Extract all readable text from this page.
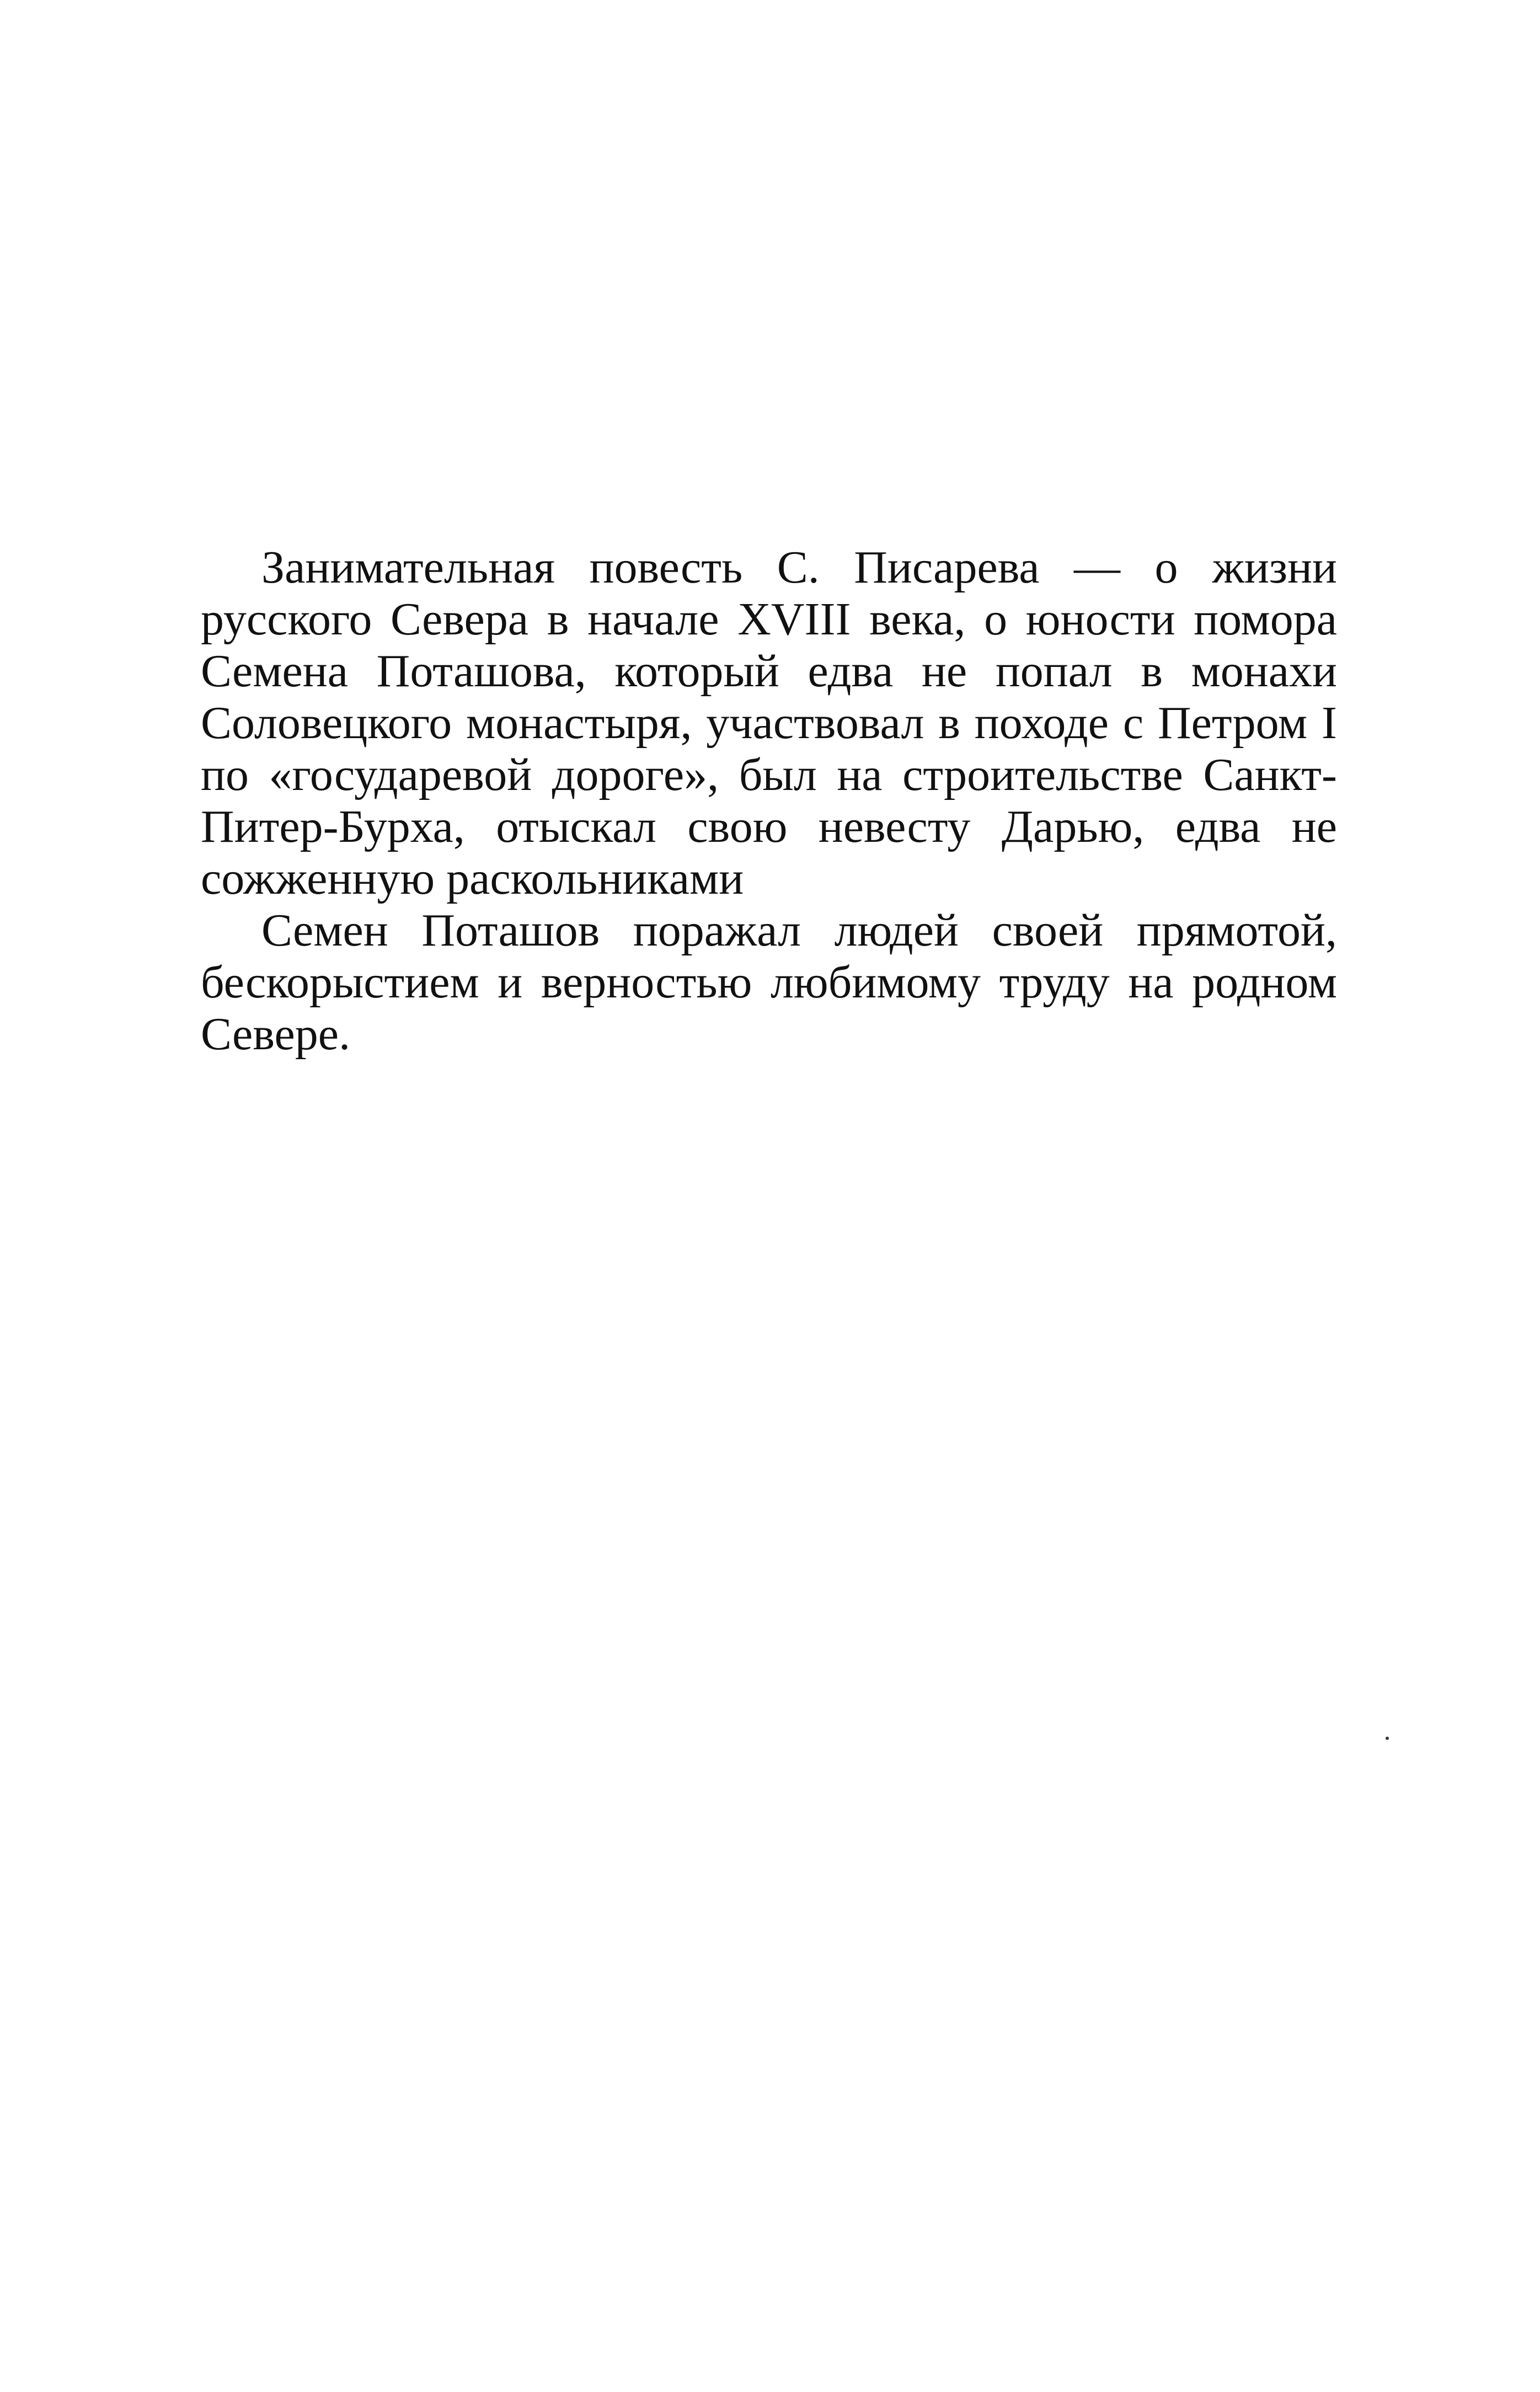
Занимательная повесть С. Писарева — о жизни русского Севера в начале XVIII века, о юности помора Семена Поташова, который едва не попал в монахи Соловецкого монастыря, участвовал в походе с Петром I по «государевой дороге», был на строительстве Санкт-Питер-Бурха, отыскал свою невесту Дарью, едва не сожженную раскольниками

Семен Поташов поражал людей своей прямотой, бескорыстием и верностью любимому труду на родном Севере.
